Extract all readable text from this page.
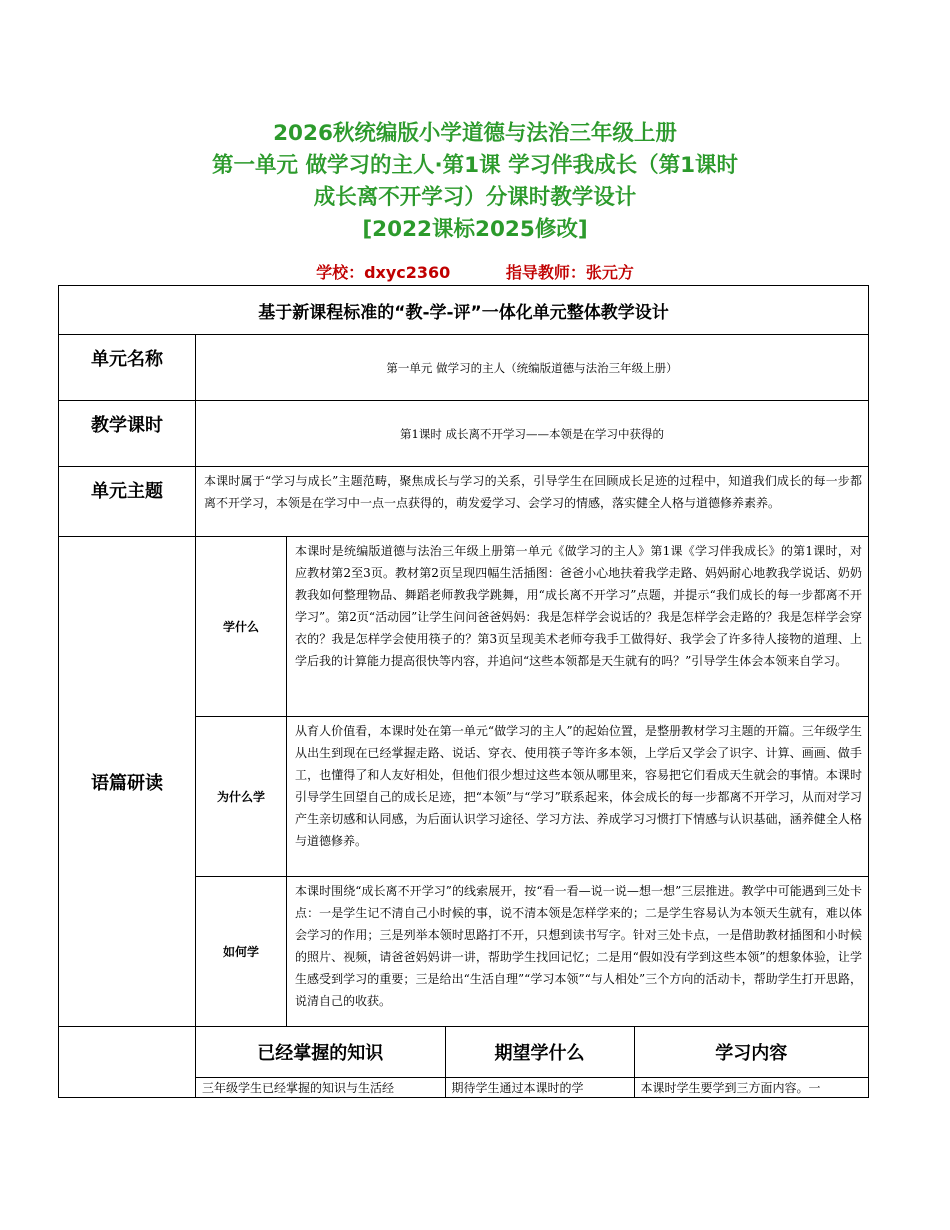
2026秋统编版小学道德与法治三年级上册

第一单元 做学习的主人·第1课 学习伴我成长（第1课时

成长离不开学习）分课时教学设计

[2022课标2025修改]

学校：dxyc2360	指导教师：张元方
基于新课程标准的“教-学-评”一体化单元整体教学设计
单元名称	第一单元 做学习的主人（统编版道德与法治三年级上册）
教学课时	第1课时 成长离不开学习——本领是在学习中获得的
单元主题	本课时属于“学习与成长”主题范畴，聚焦成长与学习的关系，引导学生在回顾成长足迹的过程中，知道我们成长的每一步都离不开学习，本领是在学习中一点一点获得的，萌发爱学习、会学习的情感，落实健全人格与道德修养素养。
语篇研读	学什么	本课时是统编版道德与法治三年级上册第一单元《做学习的主人》第1课《学习伴我成长》的第1课时，对应教材第2至3页。教材第2页呈现四幅生活插图：爸爸小心地扶着我学走路、妈妈耐心地教我学说话、奶奶教我如何整理物品、舞蹈老师教我学跳舞，用“成长离不开学习”点题，并提示“我们成长的每一步都离不开学习”。第2页“活动园”让学生问问爸爸妈妈：我是怎样学会说话的？我是怎样学会走路的？我是怎样学会穿衣的？我是怎样学会使用筷子的？第3页呈现美术老师夸我手工做得好、我学会了许多待人接物的道理、上学后我的计算能力提高很快等内容，并追问“这些本领都是天生就有的吗？”引导学生体会本领来自学习。
为什么学	从育人价值看，本课时处在第一单元“做学习的主人”的起始位置，是整册教材学习主题的开篇。三年级学生从出生到现在已经掌握走路、说话、穿衣、使用筷子等许多本领，上学后又学会了识字、计算、画画、做手工，也懂得了和人友好相处，但他们很少想过这些本领从哪里来，容易把它们看成天生就会的事情。本课时引导学生回望自己的成长足迹，把“本领”与“学习”联系起来，体会成长的每一步都离不开学习，从而对学习产生亲切感和认同感，为后面认识学习途径、学习方法、养成学习习惯打下情感与认识基础，涵养健全人格与道德修养。
如何学	本课时围绕“成长离不开学习”的线索展开，按“看一看—说一说—想一想”三层推进。教学中可能遇到三处卡点：一是学生记不清自己小时候的事，说不清本领是怎样学来的；二是学生容易认为本领天生就有，难以体会学习的作用；三是列举本领时思路打不开，只想到读书写字。针对三处卡点，一是借助教材插图和小时候的照片、视频，请爸爸妈妈讲一讲，帮助学生找回记忆；二是用“假如没有学到这些本领”的想象体验，让学生感受到学习的重要；三是给出“生活自理”“学习本领”“与人相处”三个方向的活动卡，帮助学生打开思路，说清自己的收获。

已经掌握的知识	期望学什么	学习内容
三年级学生已经掌握的知识与生活经	期待学生通过本课时的学	本课时学生要学到三方面内容。一
